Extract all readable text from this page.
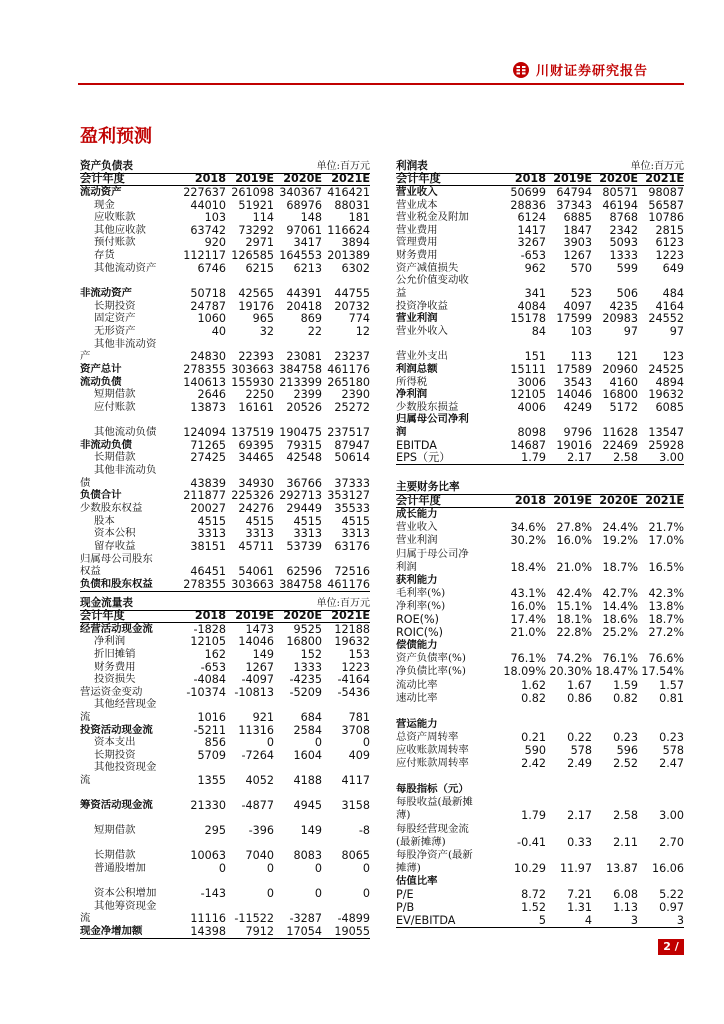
川财证券研究报告
盈利预测
资产负债表	单位:百万元
会计年度	2018 2019E 2020E 2021E
流动资产	227637 261098 340367 416421
现金	44010	51921	68976	88031
应收账款	103	114	148	181
其他应收款	63742	73292	97061 116624
预付账款	920	2971	3417	3894
存货	112117 126585 164553 201389
其他流动资产	6746	6215	6213	6302
非流动资产	50718	42565	44391	44755
长期投资	24787	19176	20418	20732
固定资产	1060	965	869	774
无形资产	40	32	22	12
其他非流动资
产	24830	22393	23081	23237
资产总计	278355 303663 384758 461176
流动负债	140613 155930 213399 265180
短期借款	2646	2250	2399	2390
应付账款	13873	16161	20526	25272
其他流动负债	124094 137519 190475 237517
非流动负债	71265	69395	79315	87947
长期借款	27425	34465	42548	50614
其他非流动负
债	43839	34930	36766	37333
负债合计	211877 225326 292713 353127
少数股东权益	20027	24276	29449	35533
股本	4515	4515	4515	4515
资本公积	3313	3313	3313	3313
留存收益	38151	45711	53739	63176
归属母公司股东
权益	46451	54061	62596	72516
负债和股东权益	278355 303663 384758 461176
现金流量表	单位:百万元
会计年度	2018 2019E 2020E 2021E
经营活动现金流	-1828	1473	9525	12188
净利润	12105	14046	16800	19632
折旧摊销	162	149	152	153
财务费用	-653	1267	1333	1223
投资损失	-4084	-4097	-4235	-4164
营运资金变动	-10374 -10813	-5209	-5436
其他经营现金
流	1016	921	684	781
投资活动现金流	-5211	11316	2584	3708
资本支出	856	0	0	0
长期投资	5709	-7264	1604	409
其他投资现金
流	1355	4052	4188	4117
筹资活动现金流	21330	-4877	4945	3158
短期借款	295	-396	149	-8
长期借款	10063	7040	8083	8065
普通股增加	0	0	0	0
资本公积增加	-143	0	0	0
其他筹资现金
流	11116 -11522	-3287	-4899
现金净增加额	14398	7912	17054	19055
利润表	单位:百万元
会计年度	2018 2019E 2020E 2021E
营业收入	50699 64794 80571 98087
营业成本	28836 37343 46194 56587
营业税金及附加	6124	6885	8768 10786
营业费用	1417	1847	2342	2815
管理费用	3267	3903	5093	6123
财务费用	-653	1267	1333	1223
资产减值损失	962	570	599	649
公允价值变动收
益	341	523	506	484
投资净收益	4084	4097	4235	4164
营业利润	15178 17599 20983 24552
营业外收入	84	103	97	97
营业外支出	151	113	121	123
利润总额	15111 17589 20960 24525
所得税	3006	3543	4160	4894
净利润	12105 14046 16800 19632
少数股东损益	4006	4249	5172	6085
归属母公司净利
润	8098	9796 11628 13547
EBITDA	14687 19016 22469 25928
EPS（元）	1.79	2.17	2.58	3.00
主要财务比率
会计年度	2018 2019E 2020E 2021E
成长能力
营业收入	34.6% 27.8% 24.4% 21.7%
营业利润	30.2% 16.0% 19.2% 17.0%
归属于母公司净
利润	18.4% 21.0% 18.7% 16.5%
获利能力
毛利率(%)	43.1% 42.4% 42.7% 42.3%
净利率(%)	16.0% 15.1% 14.4% 13.8%
ROE(%)	17.4% 18.1% 18.6% 18.7%
ROIC(%)	21.0% 22.8% 25.2% 27.2%
偿债能力
资产负债率(%)	76.1% 74.2% 76.1% 76.6%
净负债比率(%)	18.09% 20.30% 18.47% 17.54%
流动比率	1.62	1.67	1.59	1.57
速动比率	0.82	0.86	0.82	0.81
营运能力
总资产周转率	0.21	0.22	0.23	0.23
应收账款周转率	590	578	596	578
应付账款周转率	2.42	2.49	2.52	2.47
每股指标（元）
每股收益(最新摊
薄)	1.79	2.17	2.58	3.00
每股经营现金流
(最新摊薄)	-0.41	0.33	2.11	2.70
每股净资产(最新
摊薄)	10.29	11.97	13.87	16.06
估值比率
P/E	8.72	7.21	6.08	5.22
P/B	1.52	1.31	1.13	0.97
EV/EBITDA	5	4	3	3
2 / 3
